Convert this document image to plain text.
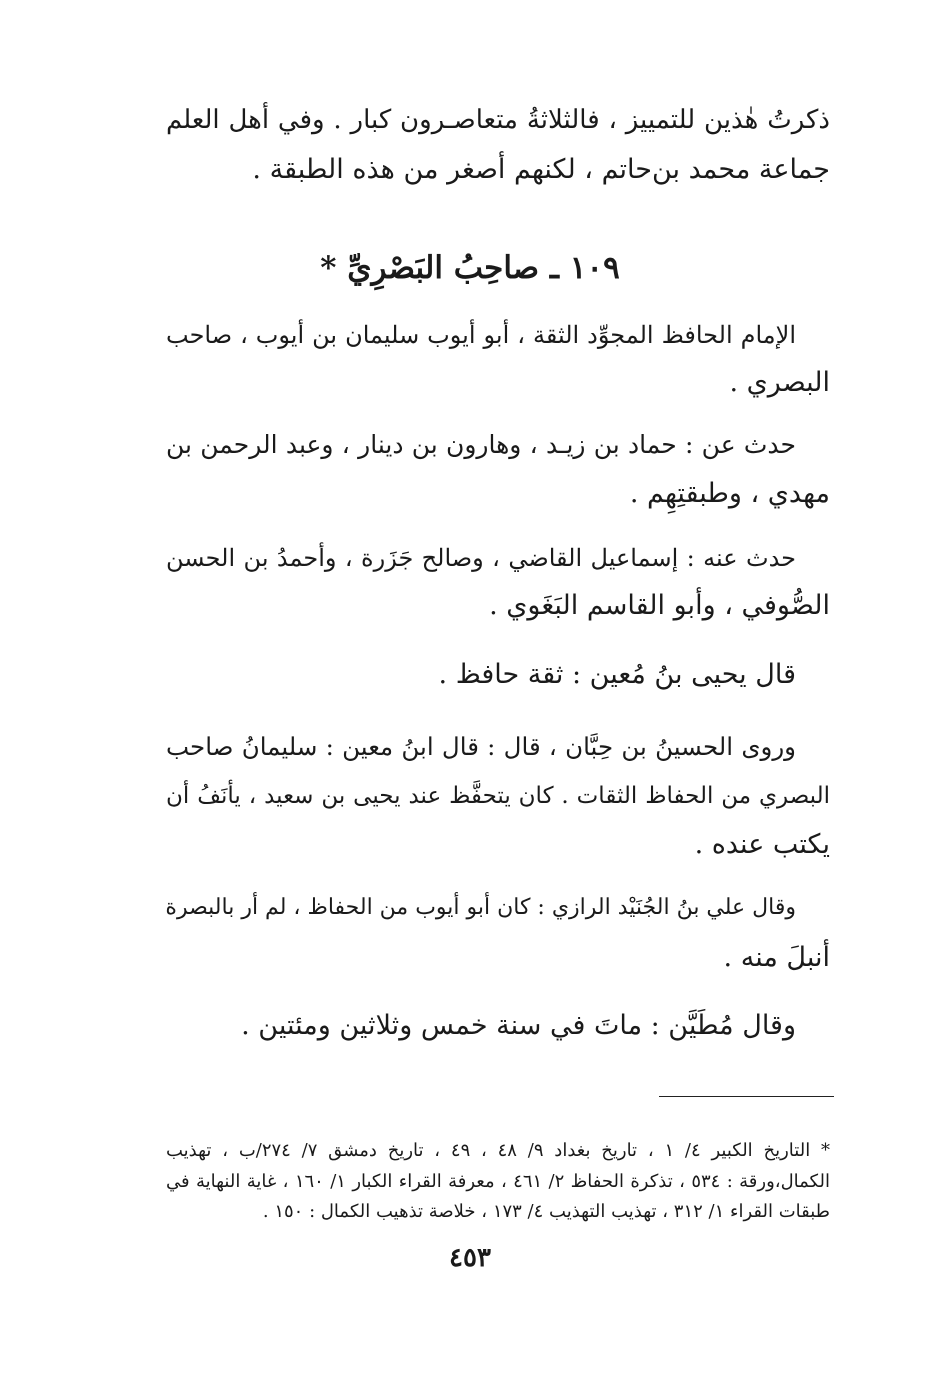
ذكرتُ هٰذين للتمييز ، فالثلاثةُ متعاصـرون كبار . وفي أهل العلم

جماعة محمد بن‌حاتم ، لكنهم أصغر من هذه الطبقة .

١٠٩ ـ صاحِبُ البَصْرِيِّ *

الإمام الحافظ المجوِّد الثقة ، أبو أيوب سليمان بن أيوب ، صاحب

البصري .

حدث عن : حماد بن زيـد ، وهارون بن دينار ، وعبد الرحمن بن

مهدي ، وطبقتِهِم .

حدث عنه : إسماعيل القاضي ، وصالح جَزَرة ، وأحمدُ بن الحسن

الصُّوفي ، وأبو القاسم البَغَوي .

قال يحيى بنُ مُعين : ثقة حافظ .

وروى الحسينُ بن حِبَّان ، قال : قال ابنُ معين : سليمانُ صاحب

البصري من الحفاظ الثقات . كان يتحفَّظ عند يحيى بن سعيد ، يأنَفُ أن

يكتب عنده .

وقال علي بنُ الجُنَيْد الرازي : كان أبو أيوب من الحفاظ ، لم أر بالبصرة

أنبلَ منه .

وقال مُطَيَّن : ماتَ في سنة خمس وثلاثين ومئتين .

* التاريخ الكبير ٤/ ١ ، تاريخ بغداد ٩/ ٤٨ ، ٤٩ ، تاريخ دمشق ٧/ ٢٧٤/ب ، تهذيب

الكمال،ورقة : ٥٣٤ ، تذكرة الحفاظ ٢/ ٤٦١ ، معرفة القراء الكبار ١/ ١٦٠ ، غاية النهاية في

طبقات القراء ١/ ٣١٢ ، تهذيب التهذيب ٤/ ١٧٣ ، خلاصة تذهيب الكمال : ١٥٠ .

٤٥٣
